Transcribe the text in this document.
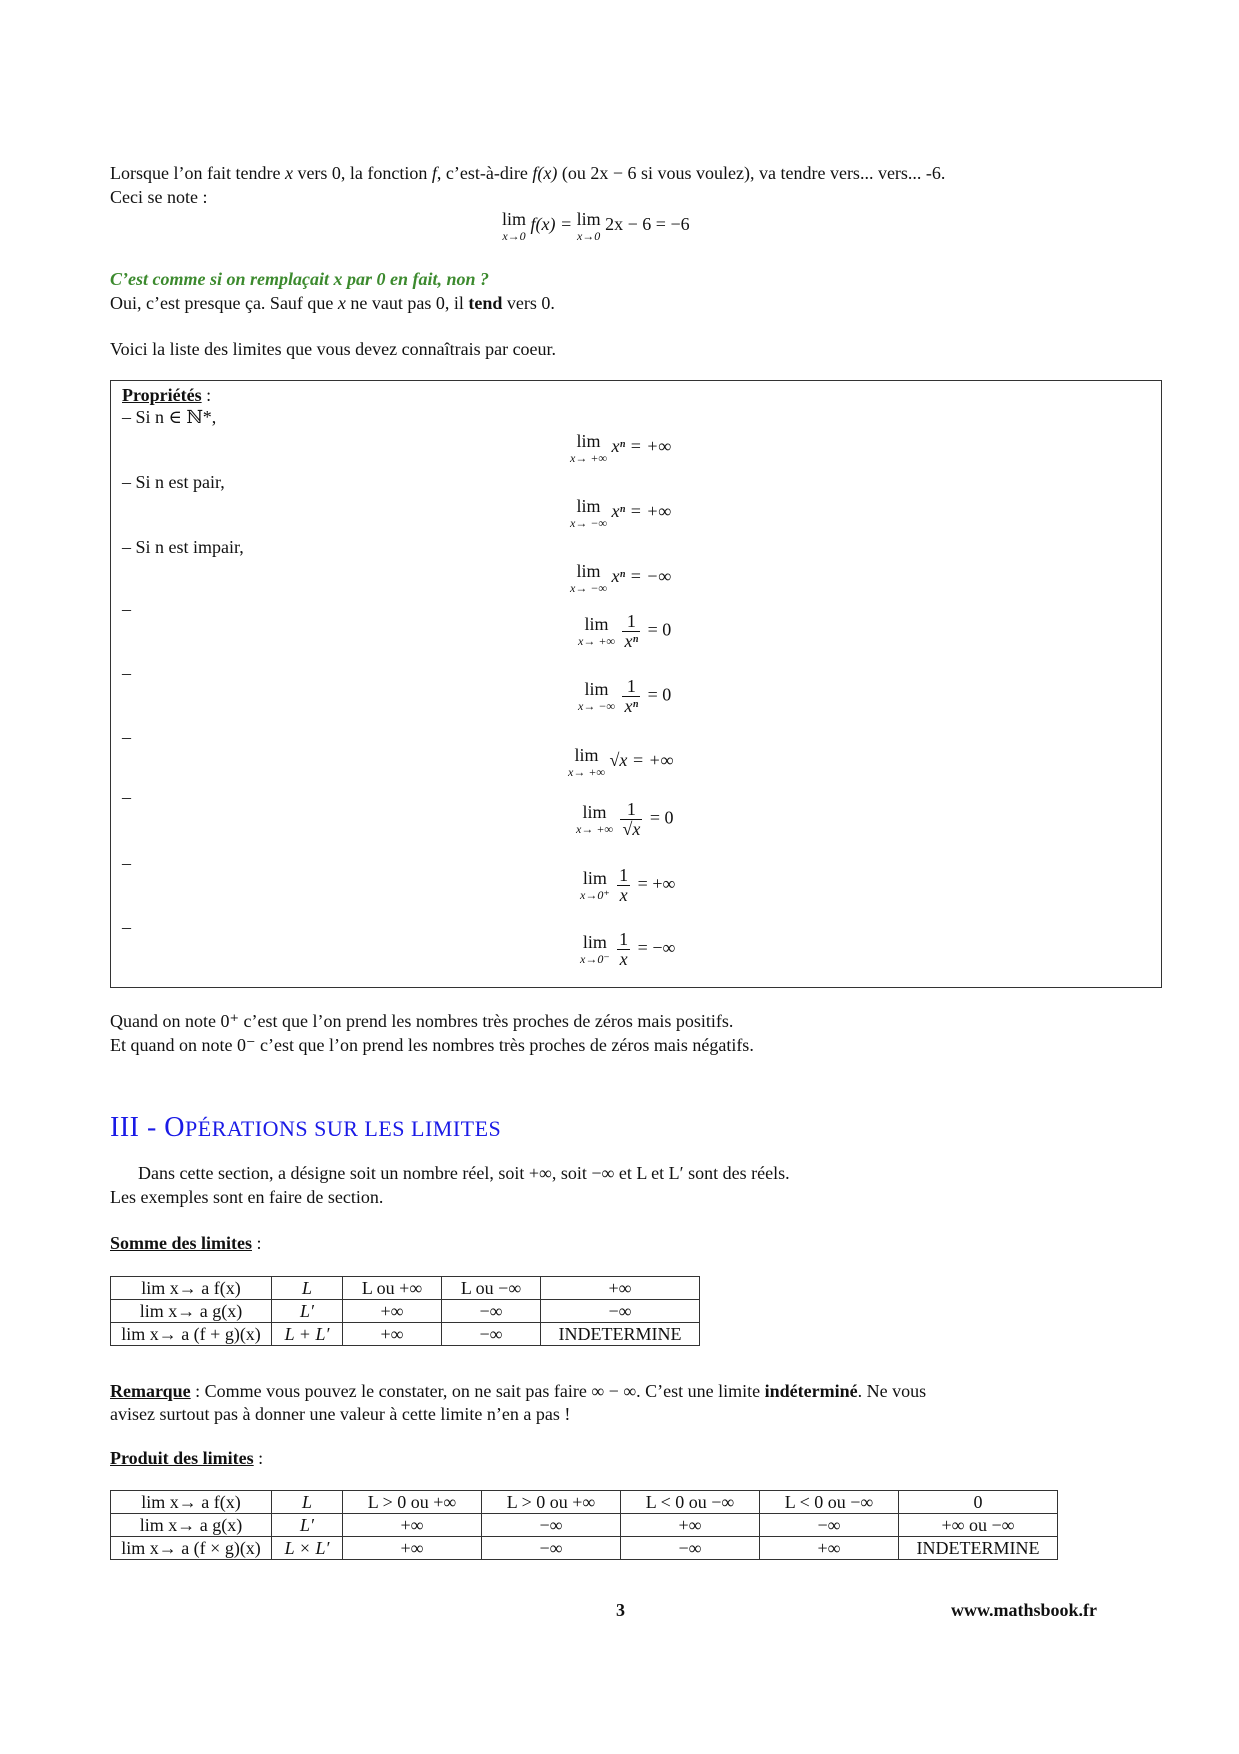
Lorsque l’on fait tendre x vers 0, la fonction f, c’est-à-dire f(x) (ou 2x − 6 si vous voulez), va tendre vers... vers... -6.
Ceci se note :
lim
x→0
f(x) = lim
x→0
2x − 6 = −6
C’est comme si on remplaçait x par 0 en fait, non ?
Oui, c’est presque ça. Sauf que x ne vaut pas 0, il tend vers 0.
Voici la liste des limites que vous devez connaîtrais par coeur.
Propriétés :
– Si n ∈ ℕ*,
lim
x→ +∞
xⁿ = +∞
– Si n est pair,
lim
x→ −∞
xⁿ = +∞
– Si n est impair,
lim
x→ −∞
xⁿ = −∞
–
lim
x→ +∞
$\frac{1}{\text{xⁿ}} = 0$
–
lim
x→ −∞
$\frac{1}{\text{xⁿ}} = 0$
–
lim
x→ +∞
√x = +∞
–
lim
x→ +∞
$\frac{1}{√x} = 0$
–
lim
x→0⁺
$\frac{1}{x}$ = +∞
–
lim
x→0⁻
$\frac{1}{x}$ = −∞
Quand on note 0⁺ c’est que l’on prend les nombres très proches de zéros mais positifs.
Et quand on note 0⁻ c’est que l’on prend les nombres très proches de zéros mais négatifs.
III - OPÉRATIONS SUR LES LIMITES
Dans cette section, a désigne soit un nombre réel, soit +∞, soit −∞ et L et L′ sont des réels.
Les exemples sont en faire de section.
Somme des limites :
lim x→ a f(x)	L	L ou +∞	L ou −∞	+∞
lim x→ a g(x)	L′	+∞	−∞	−∞
lim x→ a (f + g)(x)	L + L′	+∞	−∞	INDETERMINE
Remarque : Comme vous pouvez le constater, on ne sait pas faire ∞ − ∞. C’est une limite indéterminé. Ne vous
avisez surtout pas à donner une valeur à cette limite n’en a pas !
Produit des limites :
lim x→ a f(x)	L	L > 0 ou +∞	L > 0 ou +∞	L < 0 ou −∞	L < 0 ou −∞	0
lim x→ a g(x)	L′	+∞	−∞	+∞	−∞	+∞ ou −∞
lim x→ a (f × g)(x)	L × L′	+∞	−∞	−∞	+∞	INDETERMINE
3	www.mathsbook.fr
